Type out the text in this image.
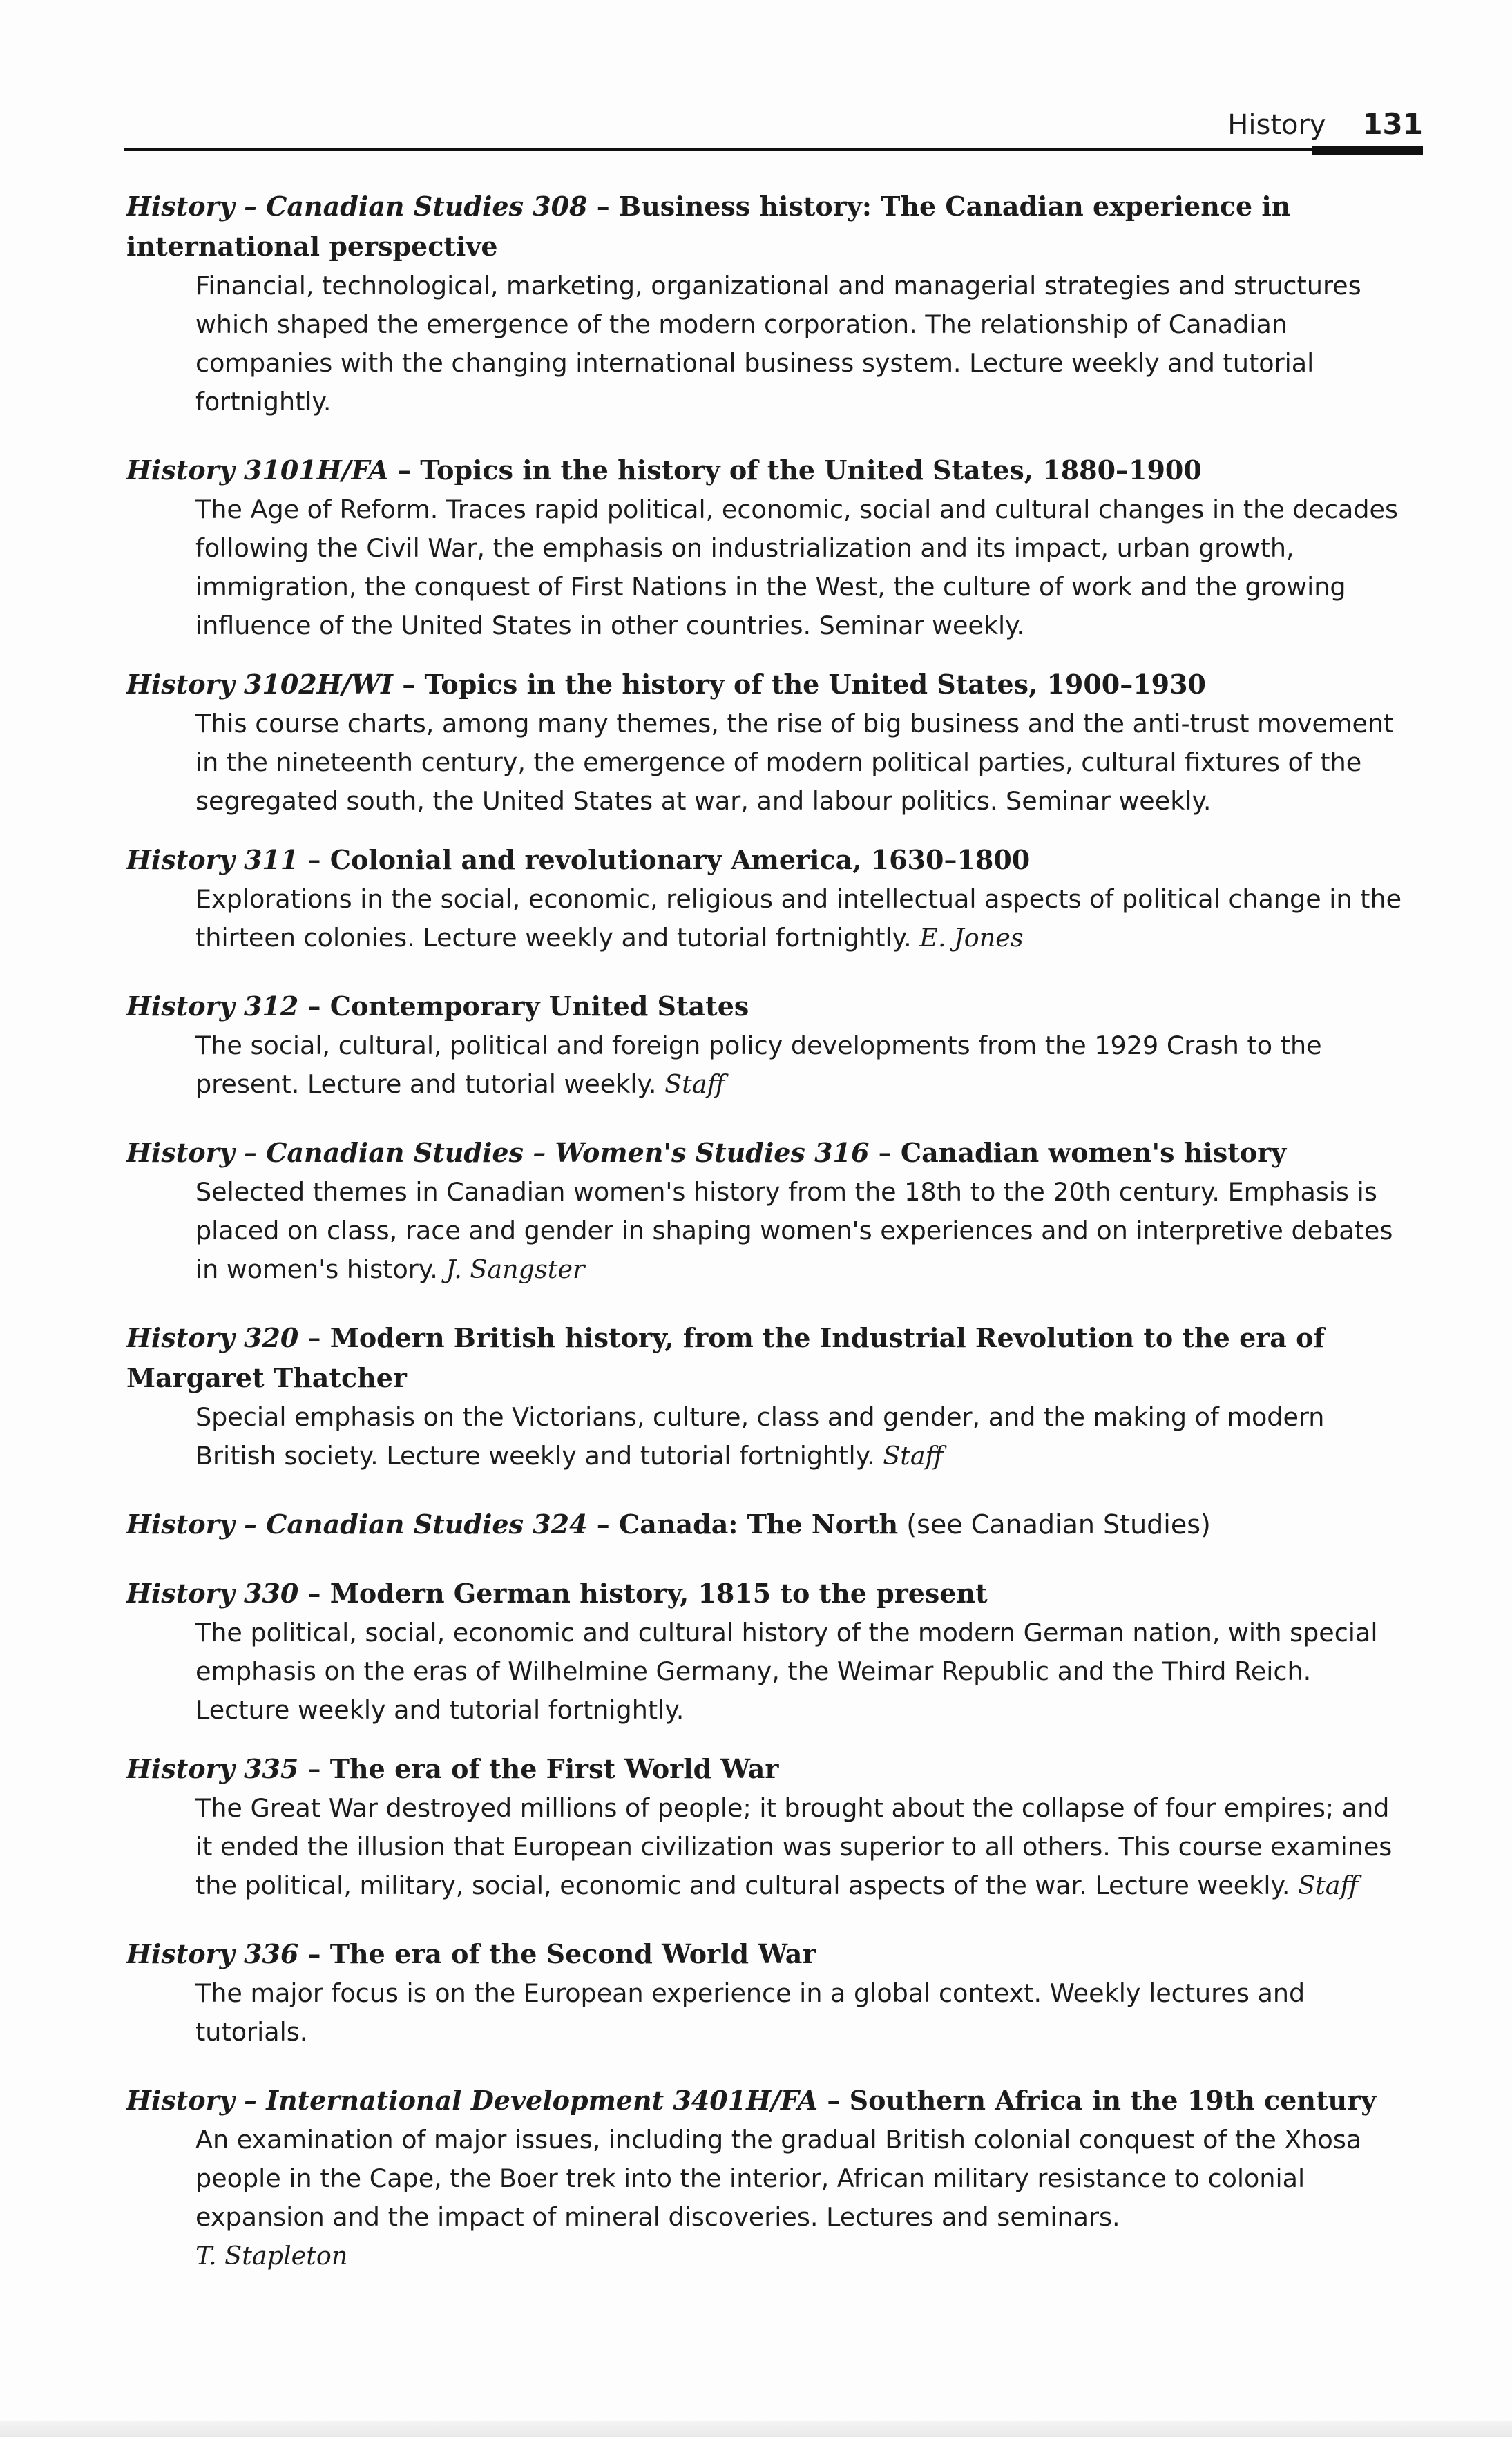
History 131
History – Canadian Studies 308 – Business history: The Canadian experience in international perspective

Financial, technological, marketing, organizational and managerial strategies and structures which shaped the emergence of the modern corporation. The relationship of Canadian companies with the changing international business system. Lecture weekly and tutorial fortnightly.

History 3101H/FA – Topics in the history of the United States, 1880–1900

The Age of Reform. Traces rapid political, economic, social and cultural changes in the decades following the Civil War, the emphasis on industrialization and its impact, urban growth, immigration, the conquest of First Nations in the West, the culture of work and the growing influence of the United States in other countries. Seminar weekly.

History 3102H/WI – Topics in the history of the United States, 1900–1930

This course charts, among many themes, the rise of big business and the anti-trust movement in the nineteenth century, the emergence of modern political parties, cultural fixtures of the segregated south, the United States at war, and labour politics. Seminar weekly.

History 311 – Colonial and revolutionary America, 1630–1800

Explorations in the social, economic, religious and intellectual aspects of political change in the thirteen colonies. Lecture weekly and tutorial fortnightly. E. Jones

History 312 – Contemporary United States

The social, cultural, political and foreign policy developments from the 1929 Crash to the present. Lecture and tutorial weekly. Staff

History – Canadian Studies – Women's Studies 316 – Canadian women's history

Selected themes in Canadian women's history from the 18th to the 20th century. Emphasis is placed on class, race and gender in shaping women's experiences and on interpretive debates in women's history. J. Sangster

History 320 – Modern British history, from the Industrial Revolution to the era of Margaret Thatcher

Special emphasis on the Victorians, culture, class and gender, and the making of modern British society. Lecture weekly and tutorial fortnightly. Staff

History – Canadian Studies 324 – Canada: The North (see Canadian Studies)
History 330 – Modern German history, 1815 to the present

The political, social, economic and cultural history of the modern German nation, with special emphasis on the eras of Wilhelmine Germany, the Weimar Republic and the Third Reich. Lecture weekly and tutorial fortnightly.

History 335 – The era of the First World War

The Great War destroyed millions of people; it brought about the collapse of four empires; and it ended the illusion that European civilization was superior to all others. This course examines the political, military, social, economic and cultural aspects of the war. Lecture weekly. Staff

History 336 – The era of the Second World War

The major focus is on the European experience in a global context. Weekly lectures and tutorials.

History – International Development 3401H/FA – Southern Africa in the 19th century

An examination of major issues, including the gradual British colonial conquest of the Xhosa people in the Cape, the Boer trek into the interior, African military resistance to colonial expansion and the impact of mineral discoveries. Lectures and seminars.
T. Stapleton
